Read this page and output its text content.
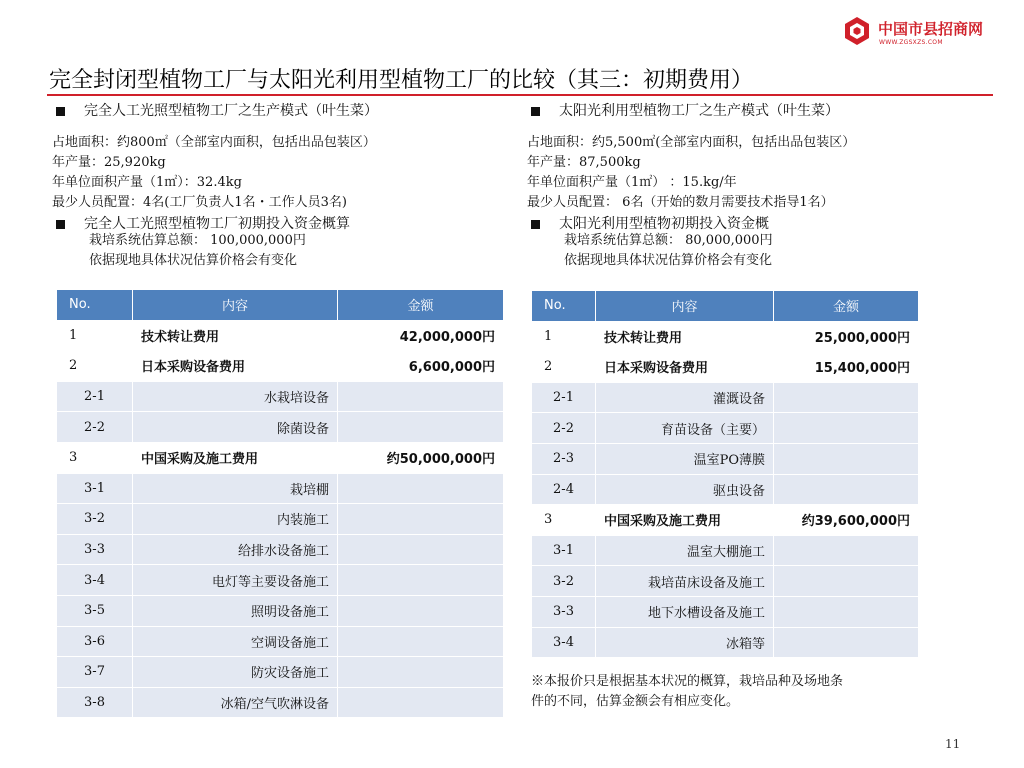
中国市县招商网
WWW.ZGSXZS.COM
完全封闭型植物工厂与太阳光利用型植物工厂的比较（其三：初期费用）
完全人工光照型植物工厂之生产模式（叶生菜）
占地面积：约800㎡（全部室内面积，包括出品包装区）
年产量：25,920kg
年单位面积产量（1㎡）：32.4kg
最少人员配置：4名(工厂负责人1名・工作人员3名)
完全人工光照型植物工厂初期投入资金概算
栽培系统估算总额： 100,000,000円
依据现地具体状况估算价格会有变化
太阳光利用型植物工厂之生产模式（叶生菜）
占地面积：约5,500㎡(全部室内面积，包括出品包装区）
年产量：87,500kg
年单位面积产量（1㎡） ：15.kg/年
最少人员配置： 6名（开始的数月需要技术指导1名）
太阳光利用型植物初期投入资金概
栽培系统估算总额： 80,000,000円
依据现地具体状况估算价格会有变化
No.	内容	金额
1	技术转让费用	42,000,000円
2	日本采购设备费用	6,600,000円
2-1	水栽培设备	
2-2	除菌设备	
3	中国采购及施工费用	约50,000,000円
3-1	栽培棚	
3-2	内装施工	
3-3	给排水设备施工	
3-4	电灯等主要设备施工	
3-5	照明设备施工	
3-6	空调设备施工	
3-7	防灾设备施工	
3-8	冰箱/空气吹淋设备	
No.	内容	金额
1	技术转让费用	25,000,000円
2	日本采购设备费用	15,400,000円
2-1	灌溉设备	
2-2	育苗设备（主要）	
2-3	温室PO薄膜	
2-4	驱虫设备	
3	中国采购及施工费用	约39,600,000円
3-1	温室大棚施工	
3-2	栽培苗床设备及施工	
3-3	地下水槽设备及施工	
3-4	冰箱等	
※本报价只是根据基本状况的概算，栽培品种及场地条
件的不同，估算金额会有相应变化。
11
